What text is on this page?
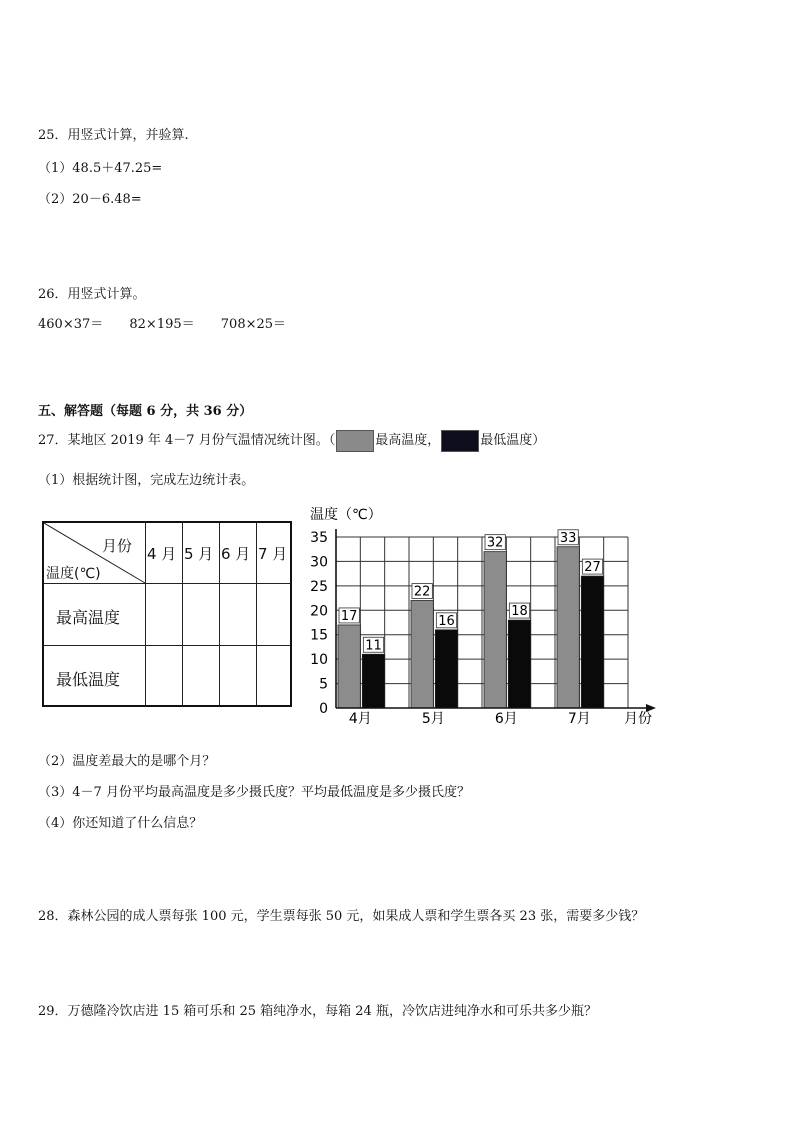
25．用竖式计算，并验算.
（1）48.5＋47.25=
（2）20－6.48=
26．用竖式计算。
460×37＝ 82×195＝ 708×25＝
五、解答题（每题 6 分，共 36 分）
27．某地区 2019 年 4－7 月份气温情况统计图。（	最高温度，	最低温度）
（1）根据统计图，完成左边统计表。
月份
温度(℃)
4 月 5 月 6 月 7 月
最高温度
最低温度
温度（℃）
17
11
22
16
32
18
33
27
0
5
10
15
20
25
30
35
4月	5月	6月	7月 月份
（2）温度差最大的是哪个月？
（3）4－7 月份平均最高温度是多少摄氏度？平均最低温度是多少摄氏度？
（4）你还知道了什么信息？
28．森林公园的成人票每张 100 元，学生票每张 50 元，如果成人票和学生票各买 23 张，需要多少钱？
29．万德隆冷饮店进 15 箱可乐和 25 箱纯净水，每箱 24 瓶，冷饮店进纯净水和可乐共多少瓶？
